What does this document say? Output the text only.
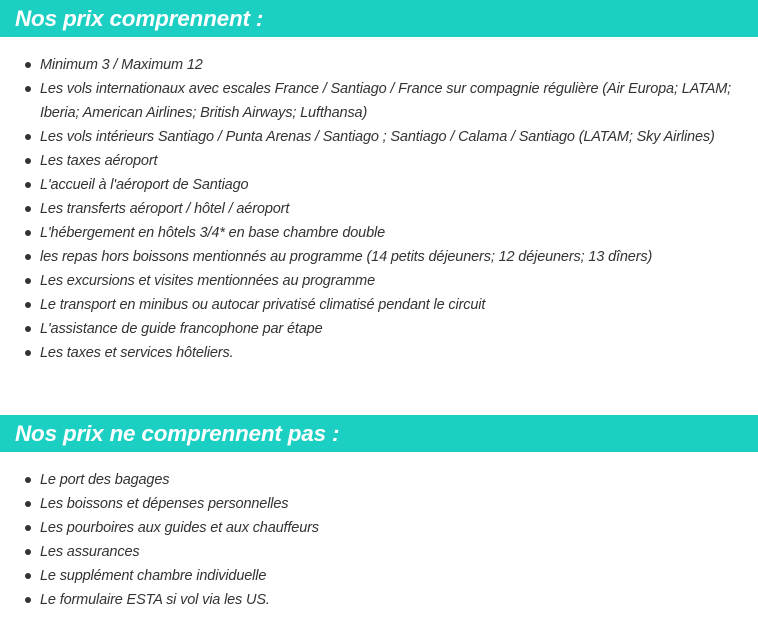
Nos prix comprennent :
Minimum 3 / Maximum 12
Les vols internationaux avec escales France / Santiago / France sur compagnie régulière (Air Europa; LATAM; Iberia; American Airlines; British Airways; Lufthansa)
Les vols intérieurs Santiago / Punta Arenas / Santiago ; Santiago / Calama / Santiago (LATAM; Sky Airlines)
Les taxes aéroport
L'accueil à l'aéroport de Santiago
Les transferts aéroport / hôtel / aéroport
L'hébergement en hôtels 3/4* en base chambre double
les repas hors boissons mentionnés au programme (14 petits déjeuners; 12 déjeuners; 13 dîners)
Les excursions et visites mentionnées au programme
Le transport en minibus ou autocar privatisé climatisé pendant le circuit
L'assistance de guide francophone par étape
Les taxes et services hôteliers.
Nos prix ne comprennent pas :
Le port des bagages
Les boissons et dépenses personnelles
Les pourboires aux guides et aux chauffeurs
Les assurances
Le supplément chambre individuelle
Le formulaire ESTA si vol via les US.
